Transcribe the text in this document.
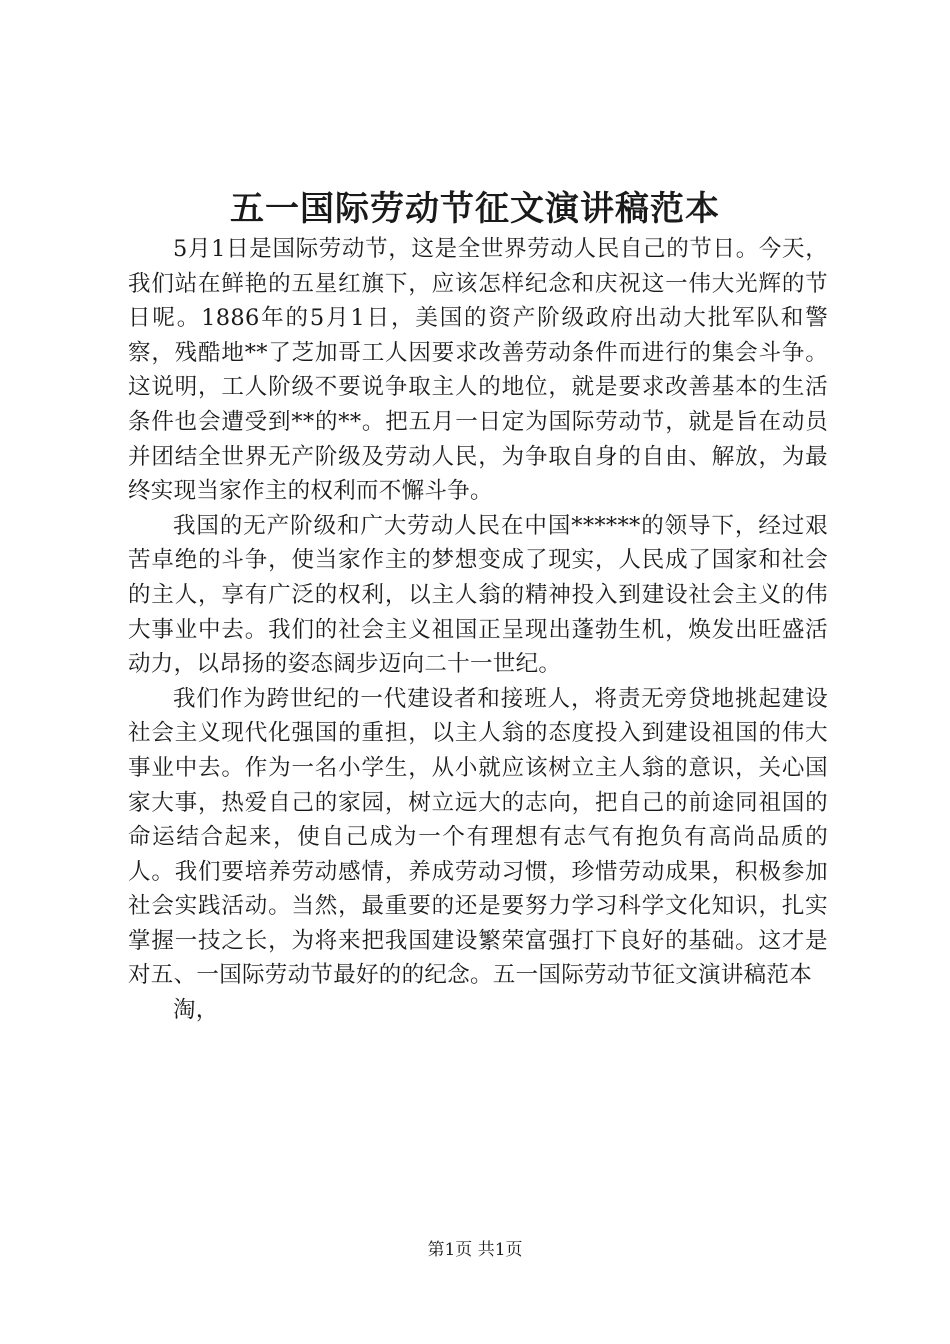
五一国际劳动节征文演讲稿范本

5月1日是国际劳动节，这是全世界劳动人民自己的节日。今天，我们站在鲜艳的五星红旗下，应该怎样纪念和庆祝这一伟大光辉的节日呢。1886年的5月1日，美国的资产阶级政府出动大批军队和警察，残酷地**了芝加哥工人因要求改善劳动条件而进行的集会斗争。这说明，工人阶级不要说争取主人的地位，就是要求改善基本的生活条件也会遭受到**的**。把五月一日定为国际劳动节，就是旨在动员并团结全世界无产阶级及劳动人民，为争取自身的自由、解放，为最终实现当家作主的权利而不懈斗争。

我国的无产阶级和广大劳动人民在中国******的领导下，经过艰苦卓绝的斗争，使当家作主的梦想变成了现实，人民成了国家和社会的主人，享有广泛的权利，以主人翁的精神投入到建设社会主义的伟大事业中去。我们的社会主义祖国正呈现出蓬勃生机，焕发出旺盛活动力，以昂扬的姿态阔步迈向二十一世纪。

我们作为跨世纪的一代建设者和接班人，将责无旁贷地挑起建设社会主义现代化强国的重担，以主人翁的态度投入到建设祖国的伟大事业中去。作为一名小学生，从小就应该树立主人翁的意识，关心国家大事，热爱自己的家园，树立远大的志向，把自己的前途同祖国的命运结合起来，使自己成为一个有理想有志气有抱负有高尚品质的人。我们要培养劳动感情，养成劳动习惯，珍惜劳动成果，积极参加社会实践活动。当然，最重要的还是要努力学习科学文化知识，扎实掌握一技之长，为将来把我国建设繁荣富强打下良好的基础。这才是对五、一国际劳动节最好的的纪念。五一国际劳动节征文演讲稿范本

淘，

第1页 共1页
